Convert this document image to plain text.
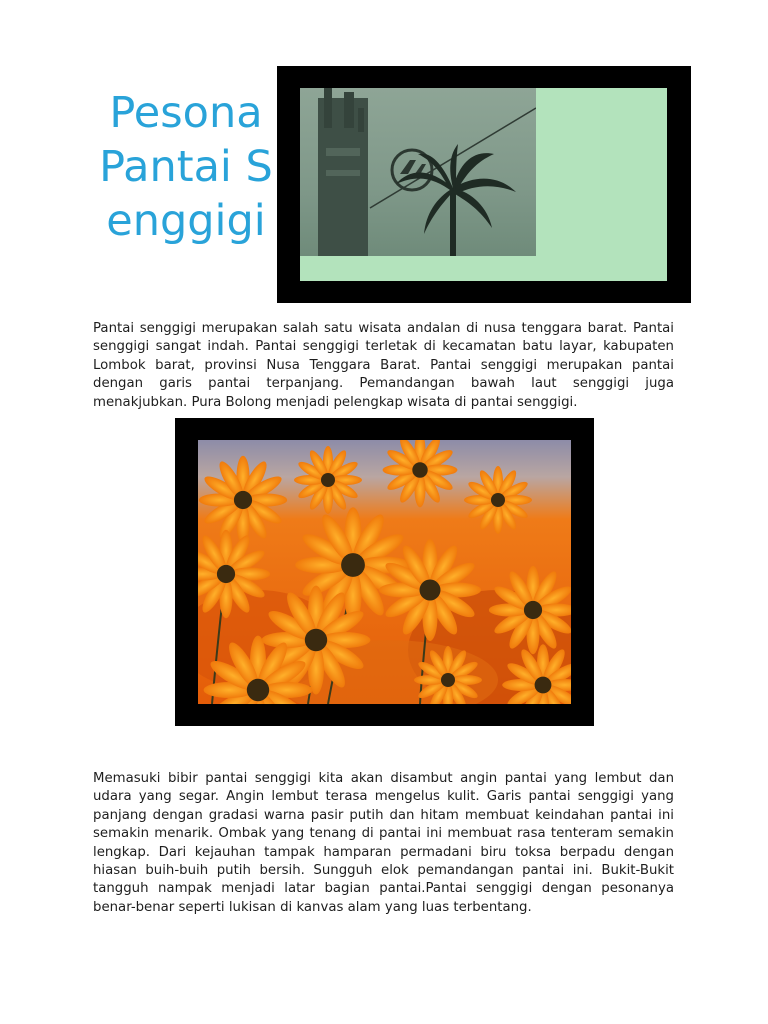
Pesona Pantai Senggigi

Pantai senggigi merupakan salah satu wisata andalan di nusa tenggara barat. Pantai senggigi sangat indah. Pantai senggigi terletak di kecamatan batu layar, kabupaten Lombok barat, provinsi Nusa Tenggara Barat. Pantai senggigi merupakan pantai dengan garis pantai terpanjang. Pemandangan bawah laut senggigi juga menakjubkan. Pura Bolong menjadi pelengkap wisata di pantai senggigi.

Memasuki bibir pantai senggigi kita akan disambut angin pantai yang lembut dan udara yang segar. Angin lembut terasa mengelus kulit. Garis pantai senggigi yang panjang dengan gradasi warna pasir putih dan hitam membuat keindahan pantai ini semakin menarik. Ombak yang tenang di pantai ini membuat rasa tenteram semakin lengkap. Dari kejauhan tampak hamparan permadani biru toksa berpadu dengan hiasan buih-buih putih bersih. Sungguh elok pemandangan pantai ini. Bukit-Bukit tangguh nampak menjadi latar bagian pantai.Pantai senggigi dengan pesonanya benar-benar seperti lukisan di kanvas alam yang luas terbentang.
